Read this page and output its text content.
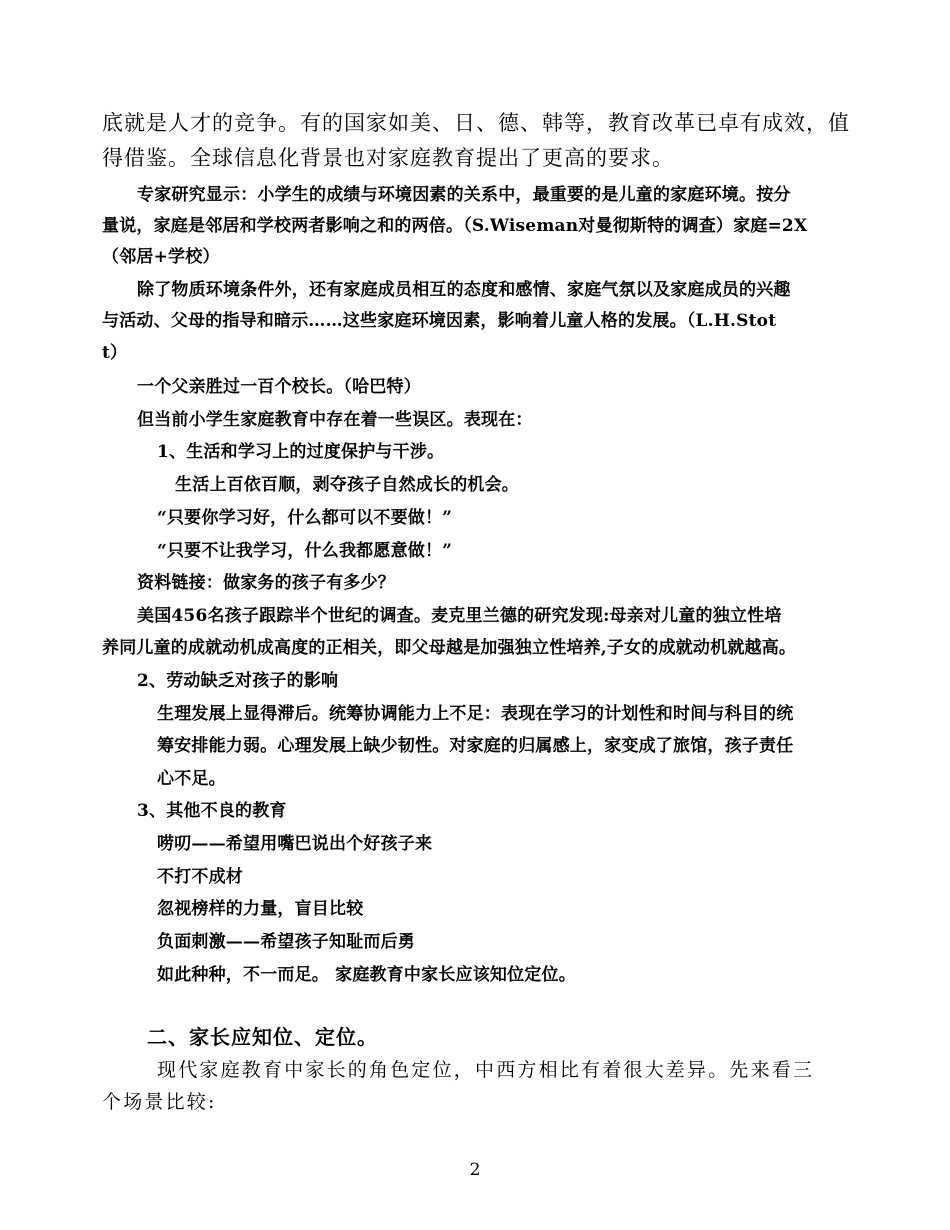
底就是人才的竞争。有的国家如美、日、德、韩等，教育改革已卓有成效，值

得借鉴。全球信息化背景也对家庭教育提出了更高的要求。

专家研究显示：小学生的成绩与环境因素的关系中，最重要的是儿童的家庭环境。按分

量说，家庭是邻居和学校两者影响之和的两倍。（S.Wiseman对曼彻斯特的调查）家庭=2X

（邻居+学校）

除了物质环境条件外，还有家庭成员相互的态度和感情、家庭气氛以及家庭成员的兴趣

与活动、父母的指导和暗示……这些家庭环境因素，影响着儿童人格的发展。（L.H.Stot

t）

一个父亲胜过一百个校长。（哈巴特）

但当前小学生家庭教育中存在着一些误区。表现在：

1、生活和学习上的过度保护与干涉。

生活上百依百顺，剥夺孩子自然成长的机会。

“只要你学习好，什么都可以不要做！”

“只要不让我学习，什么我都愿意做！”

资料链接：做家务的孩子有多少？

美国456名孩子跟踪半个世纪的调查。麦克里兰德的研究发现:母亲对儿童的独立性培

养同儿童的成就动机成高度的正相关，即父母越是加强独立性培养,子女的成就动机就越高。

2、劳动缺乏对孩子的影响

生理发展上显得滞后。统筹协调能力上不足：表现在学习的计划性和时间与科目的统

筹安排能力弱。心理发展上缺少韧性。对家庭的归属感上，家变成了旅馆，孩子责任

心不足。

3、其他不良的教育

唠叨——希望用嘴巴说出个好孩子来

不打不成材

忽视榜样的力量，盲目比较

负面刺激——希望孩子知耻而后勇

如此种种，不一而足。 家庭教育中家长应该知位定位。

二、家长应知位、定位。

现代家庭教育中家长的角色定位，中西方相比有着很大差异。先来看三

个场景比较:

2
